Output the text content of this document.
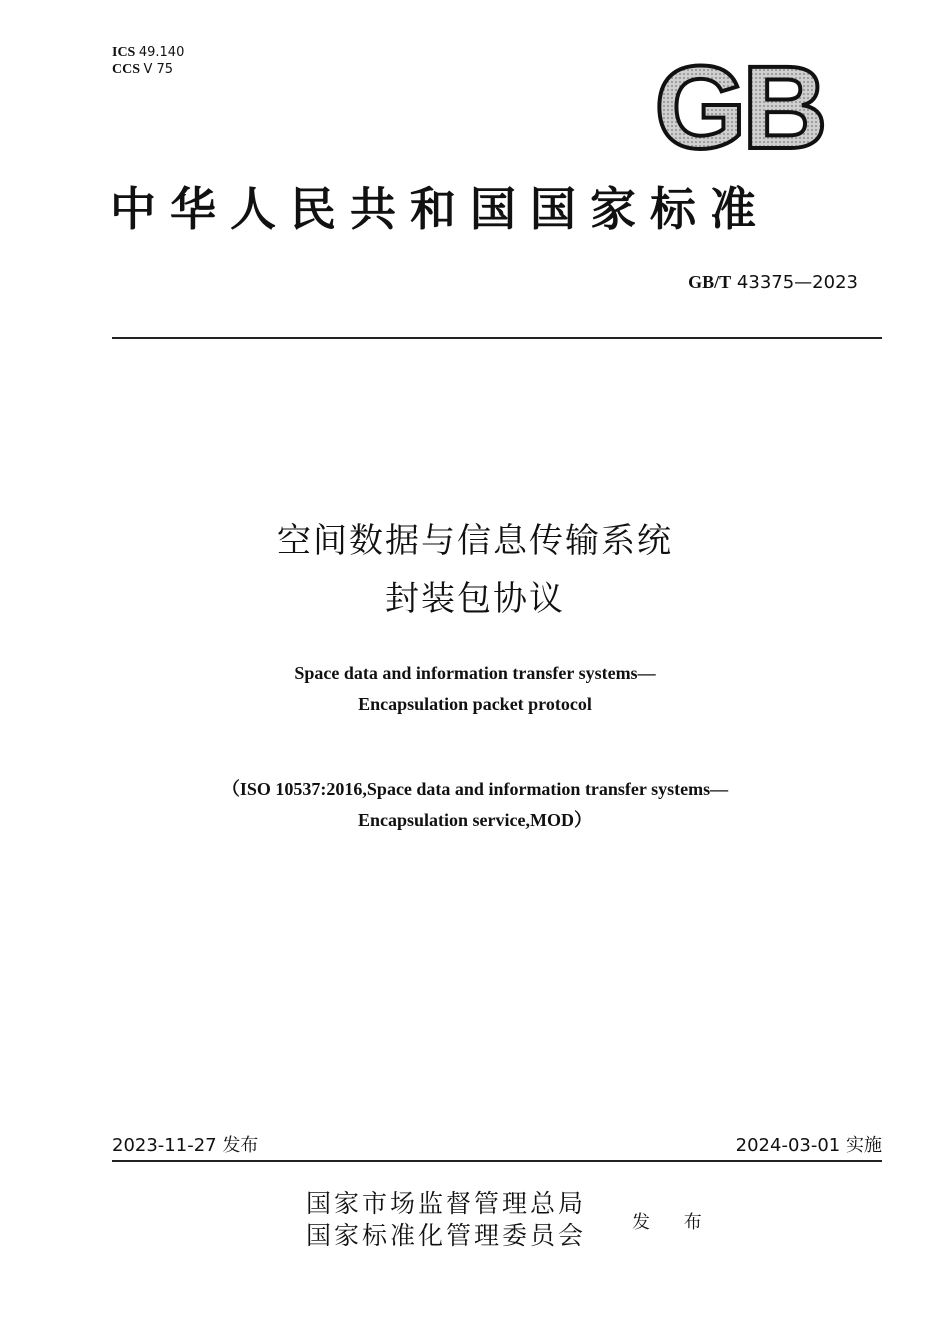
ICS 49.140
CCS V 75	GB
中华人民共和国国家标准
GB/T 43375—2023
空间数据与信息传输系统
封装包协议
Space data and information transfer systems—
Encapsulation packet protocol
（ISO 10537:2016,Space data and information transfer systems—
Encapsulation service,MOD）
2023-11-27 发布	2024-03-01 实施
国家市场监督管理总局
国家标准化管理委员会	发 布
